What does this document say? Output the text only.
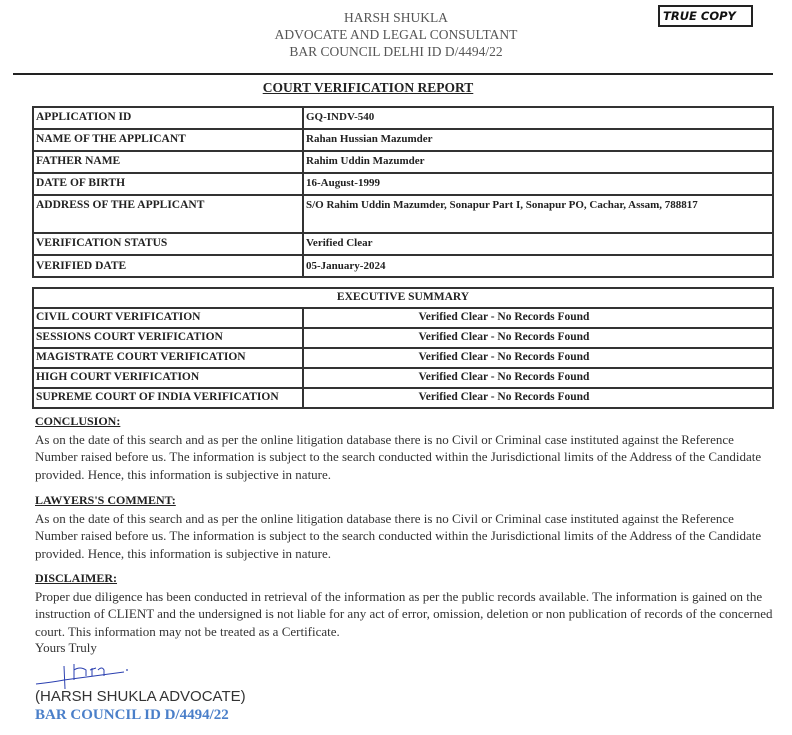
HARSH SHUKLA
ADVOCATE AND LEGAL CONSULTANT
BAR COUNCIL DELHI ID D/4494/22
TRUE COPY
COURT VERIFICATION REPORT
APPLICATION ID	GQ-INDV-540
NAME OF THE APPLICANT	Rahan Hussian Mazumder
FATHER NAME	Rahim Uddin Mazumder
DATE OF BIRTH	16-August-1999
ADDRESS OF THE APPLICANT	S/O Rahim Uddin Mazumder, Sonapur Part I, Sonapur PO, Cachar, Assam, 788817
VERIFICATION STATUS	Verified Clear
VERIFIED DATE	05-January-2024
EXECUTIVE SUMMARY	
CIVIL COURT VERIFICATION	Verified Clear - No Records Found
SESSIONS COURT VERIFICATION	Verified Clear - No Records Found
MAGISTRATE COURT VERIFICATION	Verified Clear - No Records Found
HIGH COURT VERIFICATION	Verified Clear - No Records Found
SUPREME COURT OF INDIA VERIFICATION	Verified Clear - No Records Found
CONCLUSION:

As on the date of this search and as per the online litigation database there is no Civil or Criminal case instituted against the Reference Number raised before us. The information is subject to the search conducted within the Jurisdictional limits of the Address of the Candidate provided. Hence, this information is subjective in nature.

LAWYERS'S COMMENT:

As on the date of this search and as per the online litigation database there is no Civil or Criminal case instituted against the Reference Number raised before us. The information is subject to the search conducted within the Jurisdictional limits of the Address of the Candidate provided. Hence, this information is subjective in nature.

DISCLAIMER:

Proper due diligence has been conducted in retrieval of the information as per the public records available. The information is gained on the instruction of CLIENT and the undersigned is not liable for any act of error, omission, deletion or non publication of records of the concerned court. This information may not be treated as a Certificate.

Yours Truly
(HARSH SHUKLA ADVOCATE)
BAR COUNCIL ID D/4494/22
